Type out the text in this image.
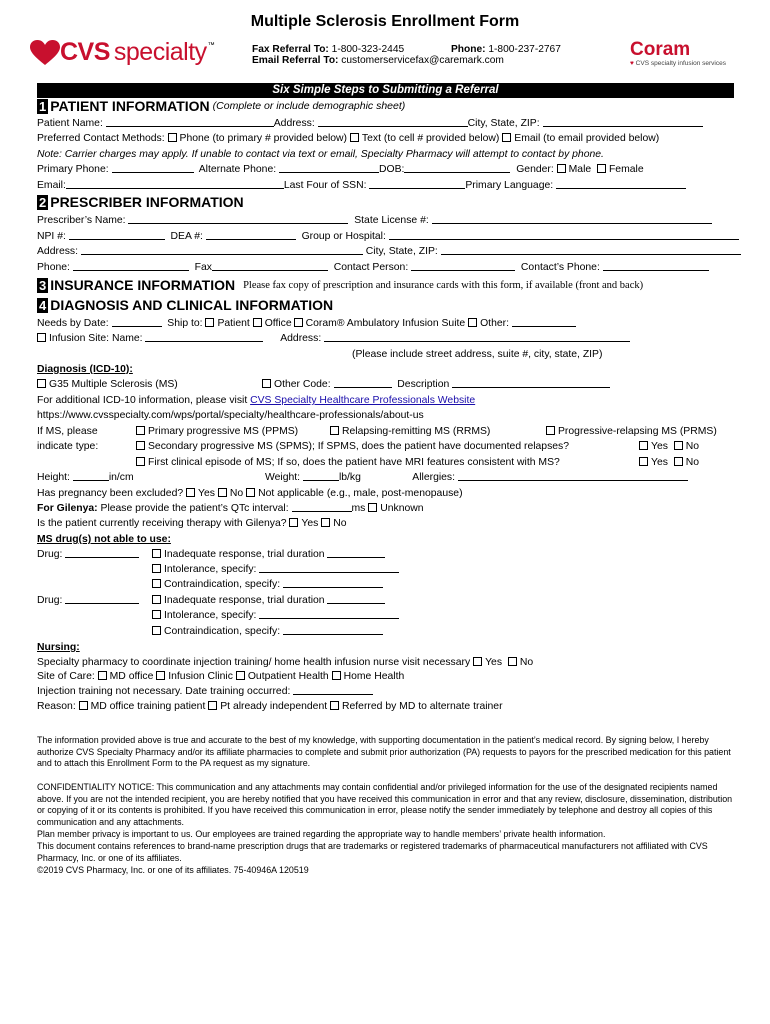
Multiple Sclerosis Enrollment Form
CVS specialty ™	Fax Referral To: 1-800-323-2445	Phone: 1-800-237-2767
Email Referral To: customerservicefax@caremark.com
Coram
♥ CVS specialty infusion services
Six Simple Steps to Submitting a Referral
1 PATIENT INFORMATION (Complete or include demographic sheet)
Patient Name:	Address:	City, State, ZIP:
Preferred Contact Methods: Phone (to primary # provided below) Text (to cell # provided below) Email (to email provided below)
Note: Carrier charges may apply. If unable to contact via text or email, Specialty Pharmacy will attempt to contact by phone.
Primary Phone:	Alternate Phone:	DOB:	Gender: Male Female
Email:	Last Four of SSN:	Primary Language:
2 PRESCRIBER INFORMATION
Prescriber’s Name:	State License #:
NPI #:	DEA #:	Group or Hospital:
Address:	City, State, ZIP:
Phone:	Fax	Contact Person:	Contact’s Phone:
3 INSURANCE INFORMATION Please fax copy of prescription and insurance cards with this form, if available (front and back)
4 DIAGNOSIS AND CLINICAL INFORMATION
Needs by Date:	Ship to: Patient Office Coram® Ambulatory Infusion Suite Other:
Infusion Site: Name:	Address:
(Please include street address, suite #, city, state, ZIP)
Diagnosis (ICD-10):
G35 Multiple Sclerosis (MS)	Other Code:	Description
For additional ICD-10 information, please visit CVS Specialty Healthcare Professionals Website
https://www.cvsspecialty.com/wps/portal/specialty/healthcare-professionals/about-us
If MS, please	Primary progressive MS (PPMS)	Relapsing-remitting MS (RRMS)	Progressive-relapsing MS (PRMS)
indicate type:	Secondary progressive MS (SPMS); If SPMS, does the patient have documented relapses?	Yes No
First clinical episode of MS; If so, does the patient have MRI features consistent with MS?	Yes No
Height:	in/cm	Weight:	lb/kg	Allergies:
Has pregnancy been excluded? Yes No Not applicable (e.g., male, post-menopause)
For Gilenya: Please provide the patient’s QTc interval:	ms Unknown
Is the patient currently receiving therapy with Gilenya? Yes No
MS drug(s) not able to use:
Drug:	Inadequate response, trial duration
Intolerance, specify:
Contraindication, specify:
Drug:	Inadequate response, trial duration
Intolerance, specify:
Contraindication, specify:
Nursing:
Specialty pharmacy to coordinate injection training/ home health infusion nurse visit necessary Yes No
Site of Care: MD office Infusion Clinic Outpatient Health Home Health
Injection training not necessary. Date training occurred:
Reason: MD office training patient Pt already independent Referred by MD to alternate trainer
The information provided above is true and accurate to the best of my knowledge, with supporting documentation in the patient’s medical record. By signing below, I hereby authorize CVS Specialty Pharmacy and/or its affiliate pharmacies to complete and submit prior authorization (PA) requests to payors for the prescribed medication for this patient and to attach this Enrollment Form to the PA request as my signature.
CONFIDENTIALITY NOTICE: This communication and any attachments may contain confidential and/or privileged information for the use of the designated recipients named above. If you are not the intended recipient, you are hereby notified that you have received this communication in error and that any review, disclosure, dissemination, distribution or copying of it or its contents is prohibited. If you have received this communication in error, please notify the sender immediately by telephone and destroy all copies of this communication and any attachments.
Plan member privacy is important to us. Our employees are trained regarding the appropriate way to handle members’ private health information.
This document contains references to brand-name prescription drugs that are trademarks or registered trademarks of pharmaceutical manufacturers not affiliated with CVS Pharmacy, Inc. or one of its affiliates.
©2019 CVS Pharmacy, Inc. or one of its affiliates. 75-40946A 120519
